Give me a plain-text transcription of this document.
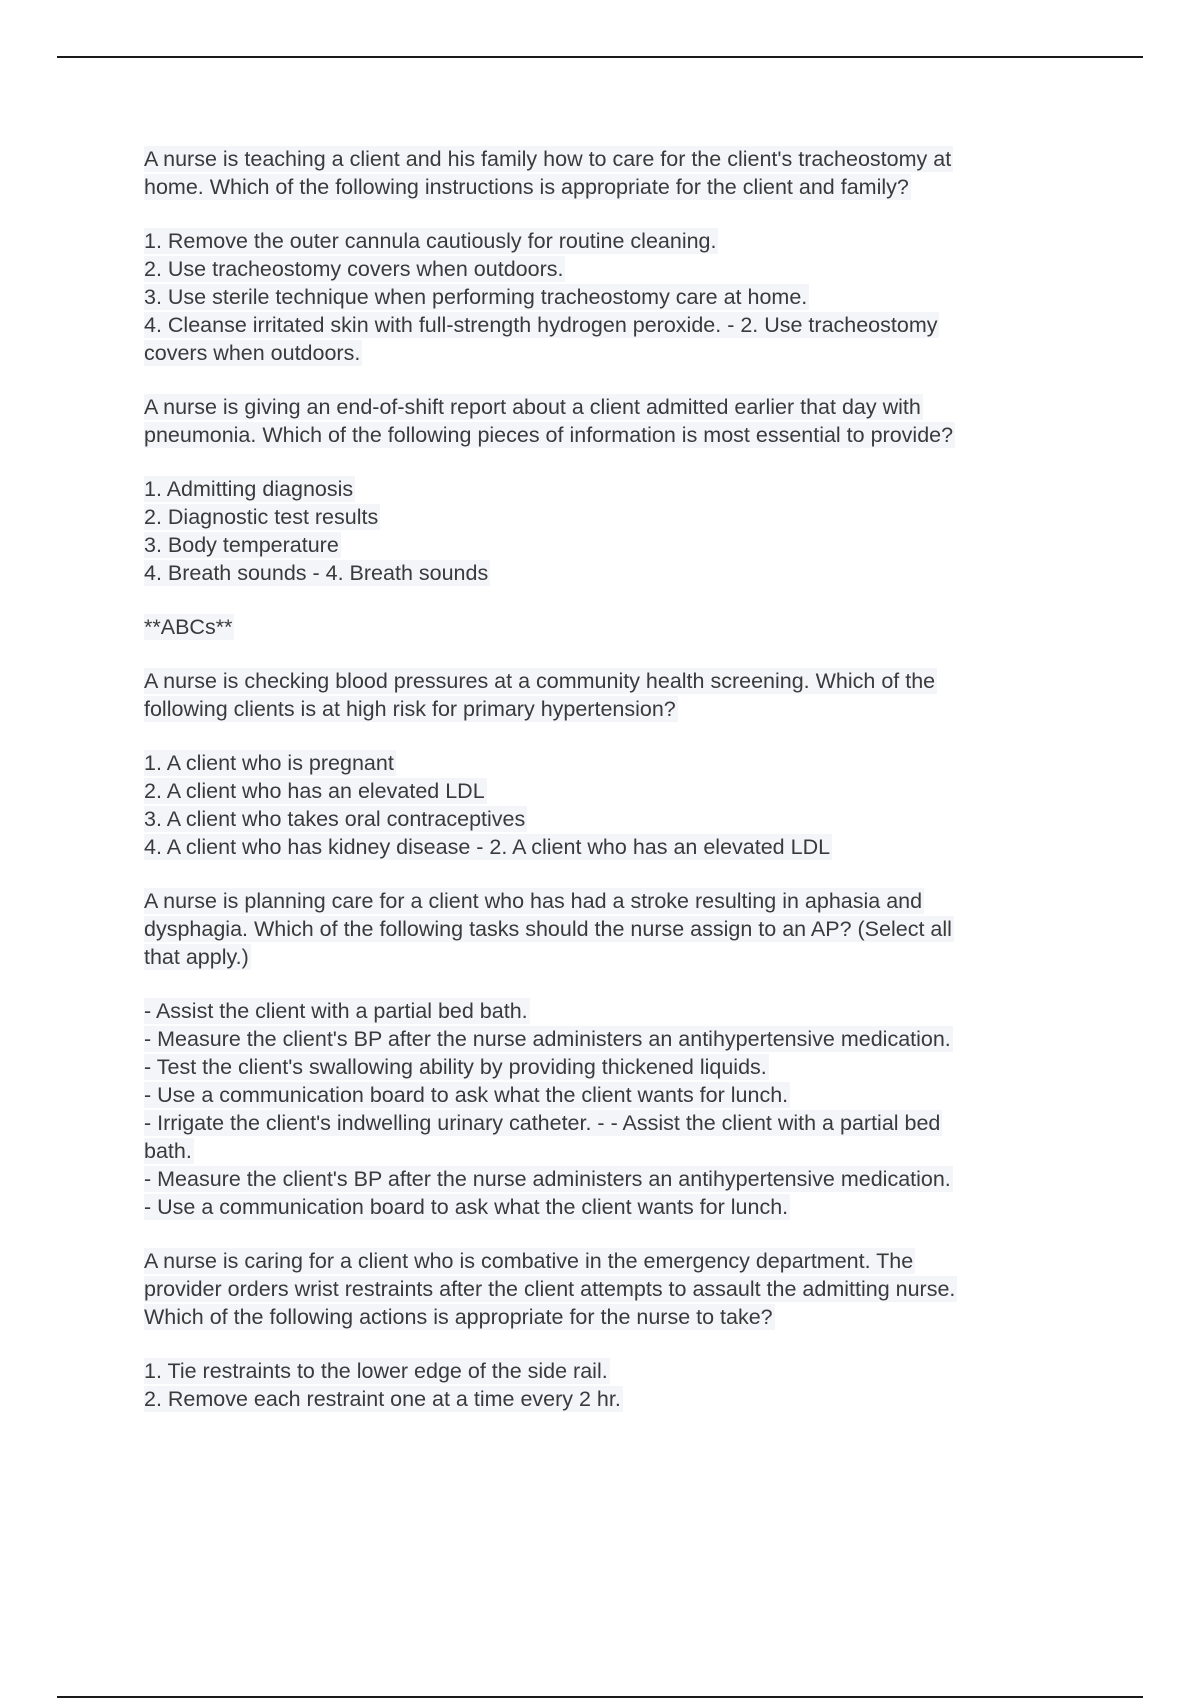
A nurse is teaching a client and his family how to care for the client's tracheostomy at
home. Which of the following instructions is appropriate for the client and family?
1. Remove the outer cannula cautiously for routine cleaning.
2. Use tracheostomy covers when outdoors.
3. Use sterile technique when performing tracheostomy care at home.
4. Cleanse irritated skin with full-strength hydrogen peroxide. - 2. Use tracheostomy
covers when outdoors.
A nurse is giving an end-of-shift report about a client admitted earlier that day with
pneumonia. Which of the following pieces of information is most essential to provide?
1. Admitting diagnosis
2. Diagnostic test results
3. Body temperature
4. Breath sounds - 4. Breath sounds
**ABCs**
A nurse is checking blood pressures at a community health screening. Which of the
following clients is at high risk for primary hypertension?
1. A client who is pregnant
2. A client who has an elevated LDL
3. A client who takes oral contraceptives
4. A client who has kidney disease - 2. A client who has an elevated LDL
A nurse is planning care for a client who has had a stroke resulting in aphasia and
dysphagia. Which of the following tasks should the nurse assign to an AP? (Select all
that apply.)
- Assist the client with a partial bed bath.
- Measure the client's BP after the nurse administers an antihypertensive medication.
- Test the client's swallowing ability by providing thickened liquids.
- Use a communication board to ask what the client wants for lunch.
- Irrigate the client's indwelling urinary catheter. - - Assist the client with a partial bed
bath.
- Measure the client's BP after the nurse administers an antihypertensive medication.
- Use a communication board to ask what the client wants for lunch.
A nurse is caring for a client who is combative in the emergency department. The
provider orders wrist restraints after the client attempts to assault the admitting nurse.
Which of the following actions is appropriate for the nurse to take?
1. Tie restraints to the lower edge of the side rail.
2. Remove each restraint one at a time every 2 hr.
